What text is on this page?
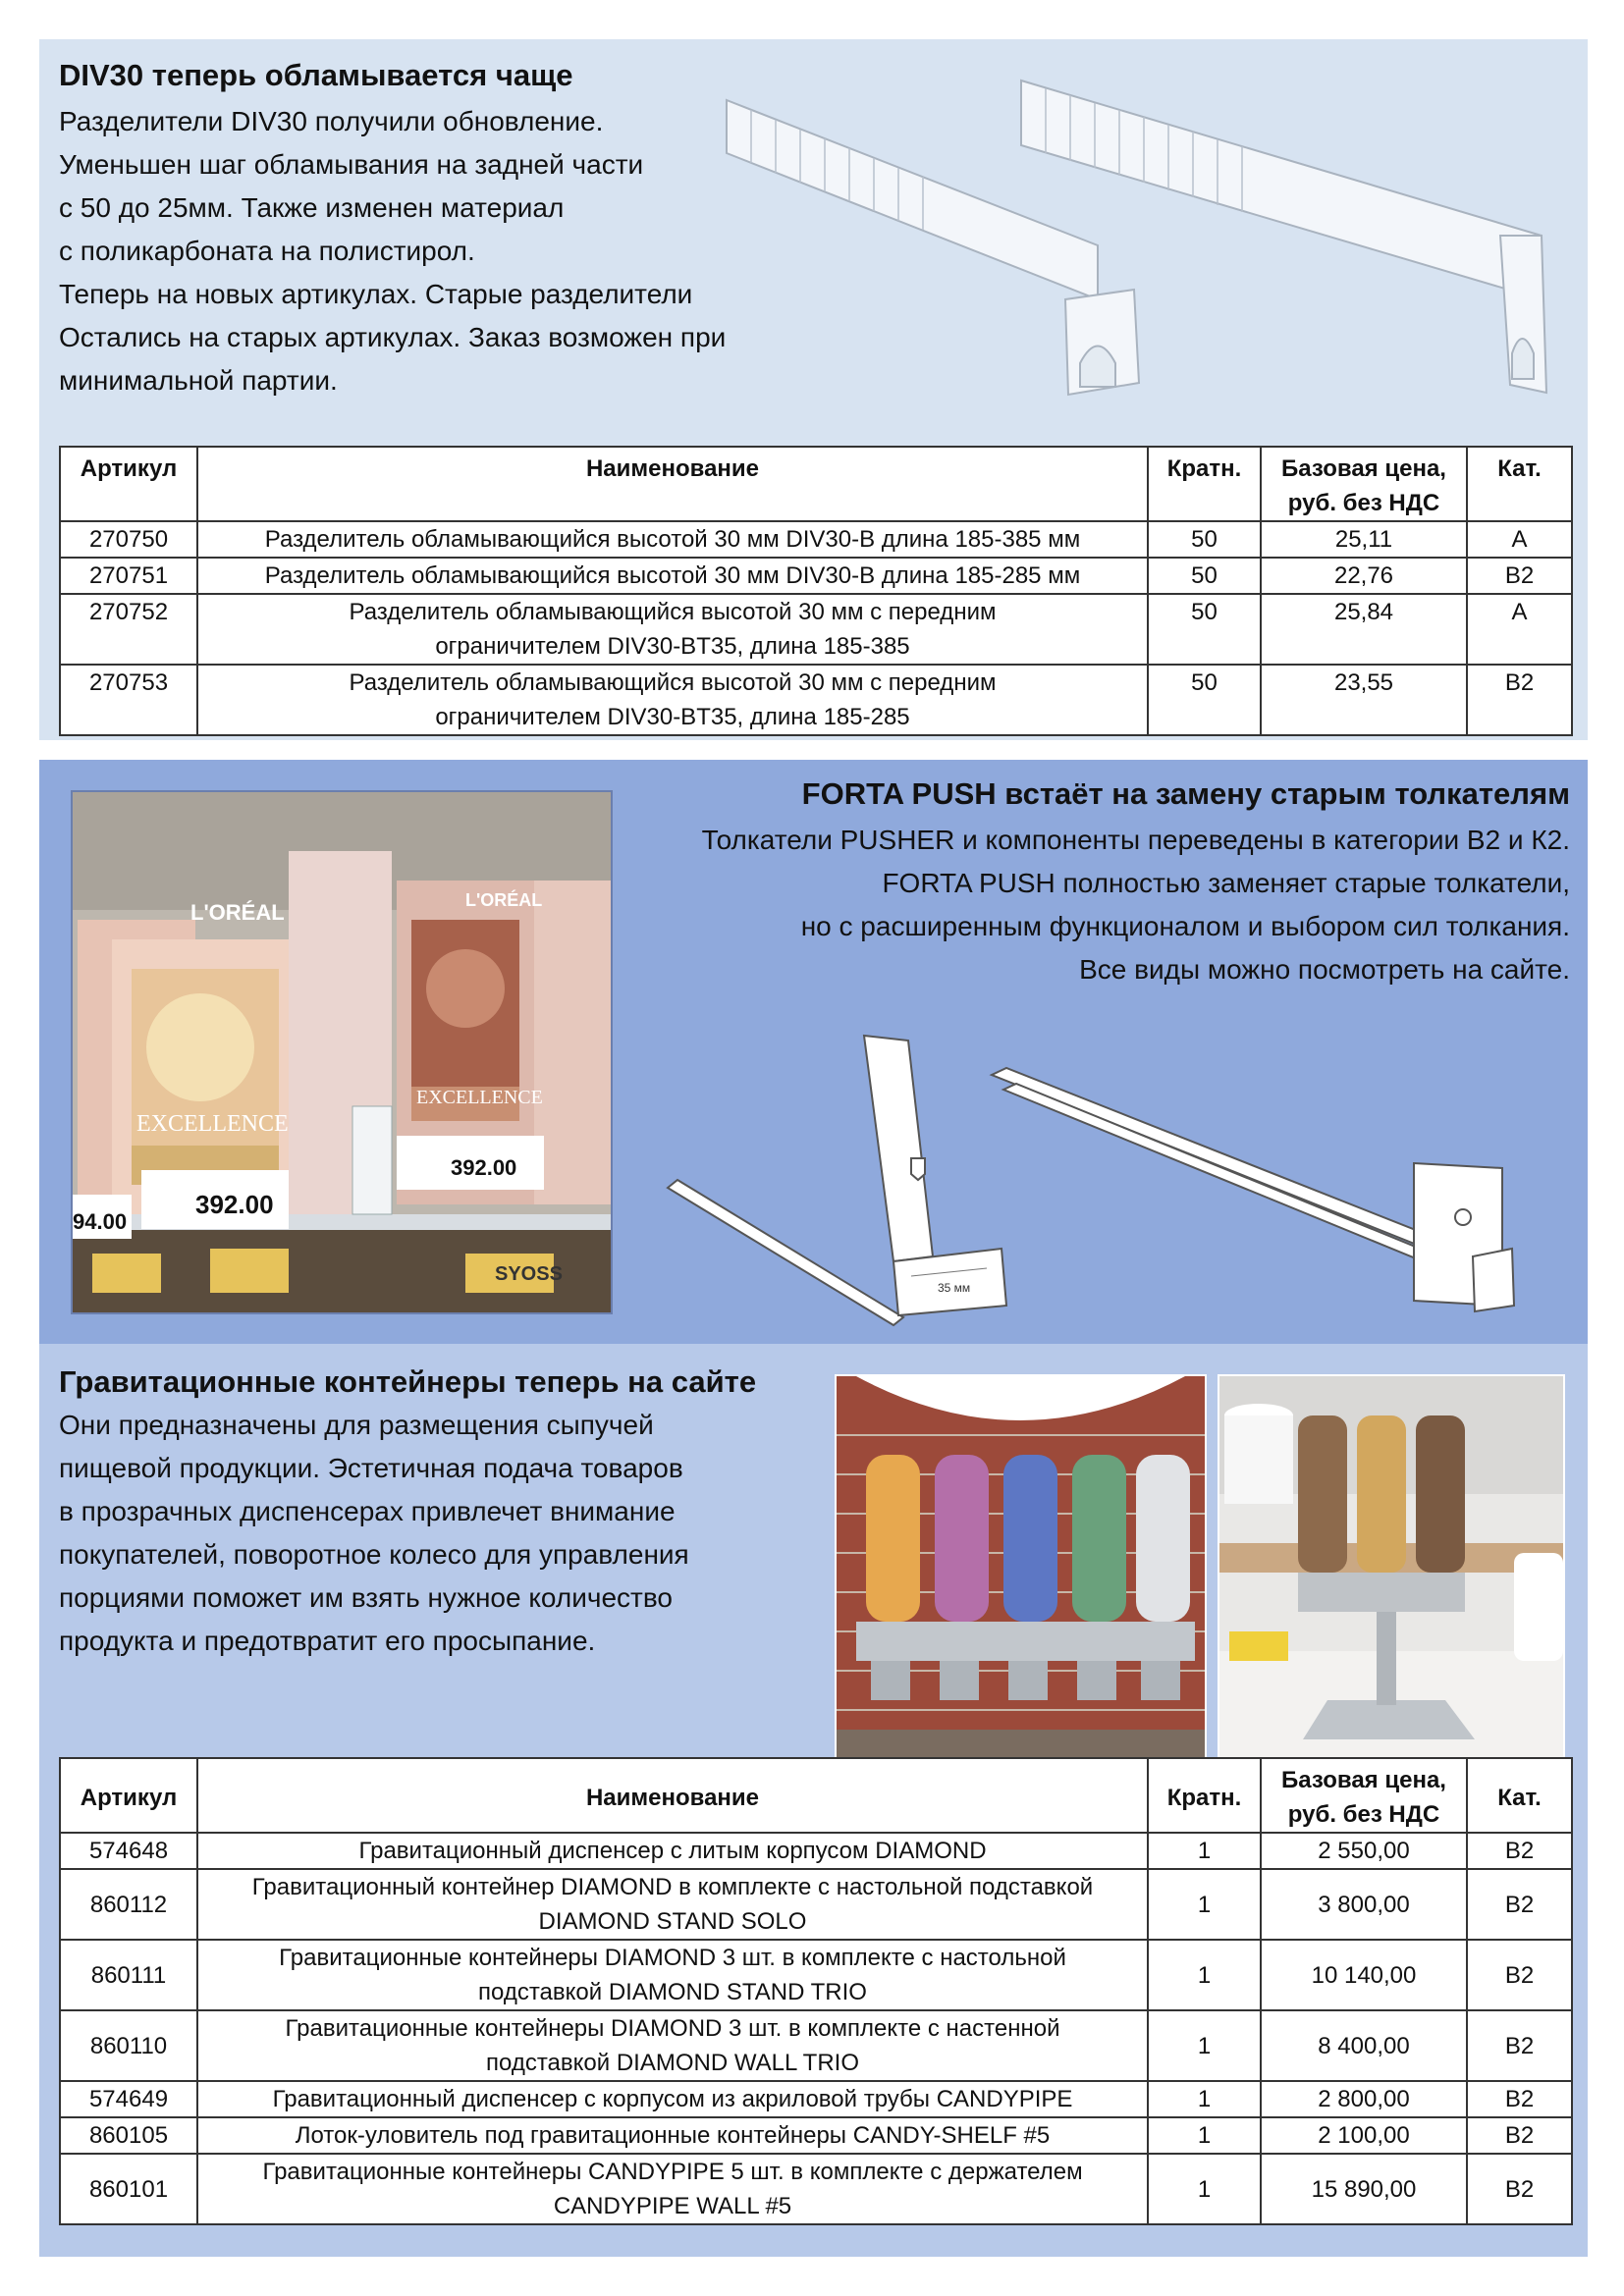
DIV30 теперь обламывается чаще

Разделители DIV30 получили обновление.

Уменьшен шаг обламывания на задней части

с 50 до 25мм. Также изменен материал

с поликарбоната на полистирол.

Теперь на новых артикулах. Старые разделители

Остались на старых артикулах. Заказ возможен при

минимальной партии.

Артикул	Наименование	Кратн.	Базовая цена,
руб. без НДС	Кат.
270750	Разделитель обламывающийся высотой 30 мм DIV30-B длина 185-385 мм	50	25,11	A
270751	Разделитель обламывающийся высотой 30 мм DIV30-B длина 185-285 мм	50	22,76	B2
270752	Разделитель обламывающийся высотой 30 мм с передним
ограничителем DIV30-BT35, длина 185-385	50	25,84	A
270753	Разделитель обламывающийся высотой 30 мм с передним
ограничителем DIV30-BT35, длина 185-285	50	23,55	B2
L'ORÉAL	L'ORÉAL
EXCELLENCE
EXCELLENCE
392.00
392.00
94.00
SYOSS
FORTA PUSH встаёт на замену старым толкателям

Толкатели PUSHER и компоненты переведены в категории В2 и К2.

FORTA PUSH полностью заменяет старые толкатели,

но с расширенным функционалом и выбором сил толкания.

Все виды можно посмотреть на сайте.

35 мм
Гравитационные контейнеры теперь на сайте

Они предназначены для размещения сыпучей

пищевой продукции. Эстетичная подача товаров

в прозрачных диспенсерах привлечет внимание

покупателей, поворотное колесо для управления

порциями поможет им взять нужное количество

продукта и предотвратит его просыпание.

Артикул	Наименование	Кратн.	Базовая цена,
руб. без НДС	Кат.
574648	Гравитационный диспенсер с литым корпусом DIAMOND	1	2 550,00	B2
860112	Гравитационный контейнер DIAMOND в комплекте с настольной подставкой
DIAMOND STAND SOLO	1	3 800,00	B2
860111	Гравитационные контейнеры DIAMOND 3 шт. в комплекте с настольной
подставкой DIAMOND STAND TRIO	1	10 140,00	B2
860110	Гравитационные контейнеры DIAMOND 3 шт. в комплекте с настенной
подставкой DIAMOND WALL TRIO	1	8 400,00	B2
574649	Гравитационный диспенсер с корпусом из акриловой трубы CANDYPIPE	1	2 800,00	B2
860105	Лоток-уловитель под гравитационные контейнеры CANDY-SHELF #5	1	2 100,00	B2
860101	Гравитационные контейнеры CANDYPIPE 5 шт. в комплекте с держателем
CANDYPIPE WALL #5	1	15 890,00	B2
